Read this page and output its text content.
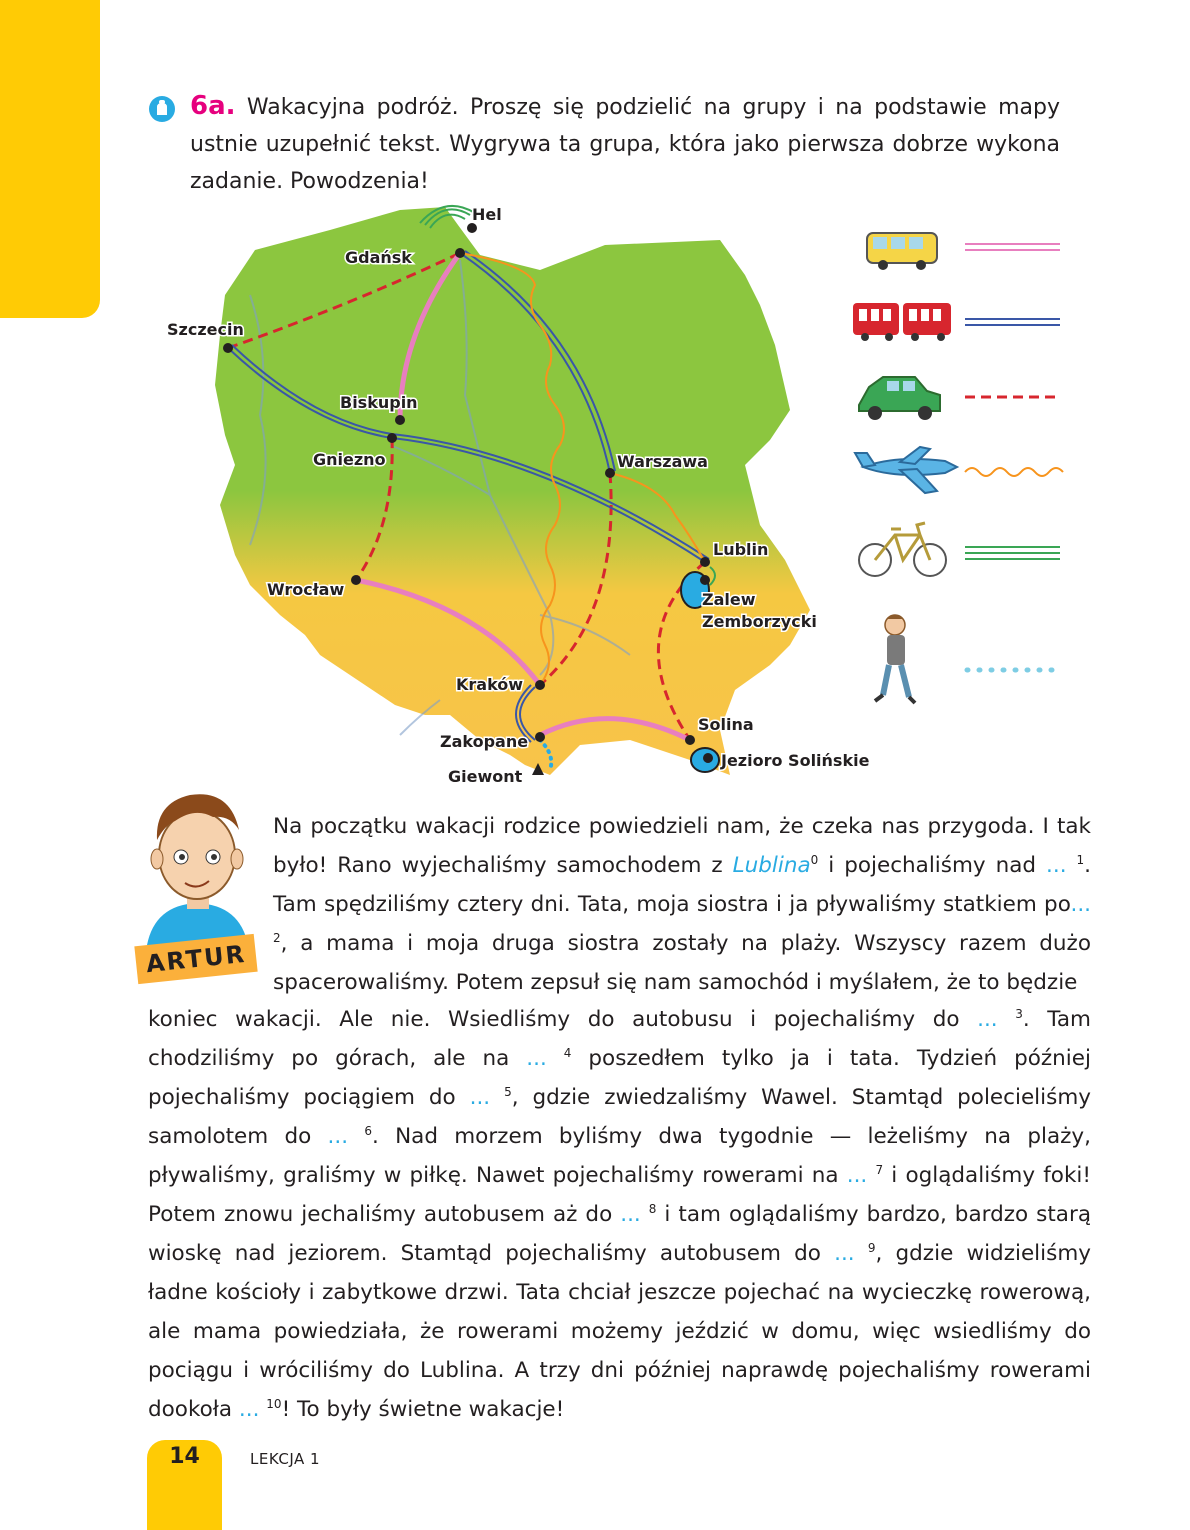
6a. Wakacyjna podróż. Proszę się podzielić na grupy i na podstawie mapy ustnie uzupełnić tekst. Wygrywa ta grupa, która jako pierwsza dobrze wykona zadanie. Powodzenia!
Hel
Gdańsk
Szczecin
Biskupin
Gniezno	Warszawa
Lublin
Zalew
Zemborzycki
Wrocław
Kraków
Solina
Zakopane
Jezioro Solińskie
Giewont
ARTUR
Na początku wakacji rodzice powiedzieli nam, że czeka nas przygoda. I tak było! Rano wyjechaliśmy samochodem z Lublina$^0$ i pojechaliśmy nad ... $^1$. Tam spędziliśmy cztery dni. Tata, moja siostra i ja pływaliśmy statkiem po... $^2$, a mama i moja druga siostra zostały na plaży. Wszyscy razem dużo spacerowaliśmy. Potem zepsuł się nam samochód i myślałem, że to będzie
koniec wakacji. Ale nie. Wsiedliśmy do autobusu i pojechaliśmy do ... $^3$. Tam chodziliśmy po górach, ale na ... $^4$ poszedłem tylko ja i tata. Tydzień później pojechaliśmy pociągiem do ... $^5$, gdzie zwiedzaliśmy Wawel. Stamtąd polecieliśmy samolotem do ... $^6$. Nad morzem byliśmy dwa tygodnie — leżeliśmy na plaży, pływaliśmy, graliśmy w piłkę. Nawet pojechaliśmy rowerami na ... $^7$ i oglądaliśmy foki! Potem znowu jechaliśmy autobusem aż do ... $^8$ i tam oglądaliśmy bardzo, bardzo starą wioskę nad jeziorem. Stamtąd pojechaliśmy autobusem do ... $^9$, gdzie widzieliśmy ładne kościoły i zabytkowe drzwi. Tata chciał jeszcze pojechać na wycieczkę rowerową, ale mama powiedziała, że rowerami możemy jeździć w domu, więc wsiedliśmy do pociągu i wróciliśmy do Lublina. A trzy dni później naprawdę pojechaliśmy rowerami dookoła ... $^{10}$! To były świetne wakacje!
14	LEKCJA 1
